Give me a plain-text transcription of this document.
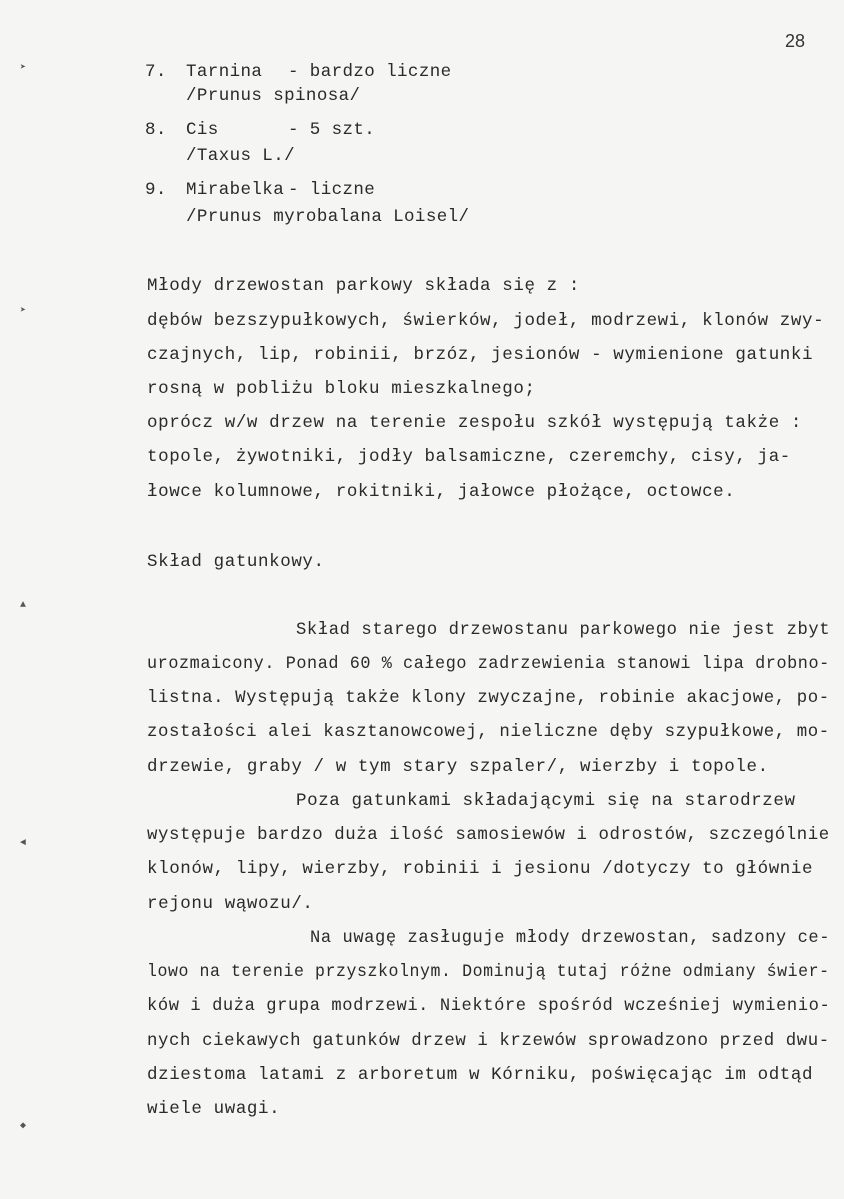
28
➤
➤
▲
◄
◆
7. Tarnina - bardzo liczne
/Prunus spinosa/
8. Cis	- 5 szt.
/Taxus L./
9. Mirabelka - liczne
/Prunus myrobalana Loisel/
Młody drzewostan parkowy składa się z :
dębów bezszypułkowych, świerków, jodeł, modrzewi, klonów zwy-
czajnych, lip, robinii, brzóz, jesionów - wymienione gatunki
rosną w pobliżu bloku mieszkalnego;
oprócz w/w drzew na terenie zespołu szkół występują także :
topole, żywotniki, jodły balsamiczne, czeremchy, cisy, ja-
łowce kolumnowe, rokitniki, jałowce płożące, octowce.
Skład gatunkowy.
Skład starego drzewostanu parkowego nie jest zbyt
urozmaicony. Ponad 60 % całego zadrzewienia stanowi lipa drobno-
listna. Występują także klony zwyczajne, robinie akacjowe, po-
zostałości alei kasztanowcowej, nieliczne dęby szypułkowe, mo-
drzewie, graby / w tym stary szpaler/, wierzby i topole.
Poza gatunkami składającymi się na starodrzew
występuje bardzo duża ilość samosiewów i odrostów, szczególnie
klonów, lipy, wierzby, robinii i jesionu /dotyczy to głównie
rejonu wąwozu/.
Na uwagę zasługuje młody drzewostan, sadzony ce-
lowo na terenie przyszkolnym. Dominują tutaj różne odmiany świer-
ków i duża grupa modrzewi. Niektóre spośród wcześniej wymienio-
nych ciekawych gatunków drzew i krzewów sprowadzono przed dwu-
dziestoma latami z arboretum w Kórniku, poświęcając im odtąd
wiele uwagi.
